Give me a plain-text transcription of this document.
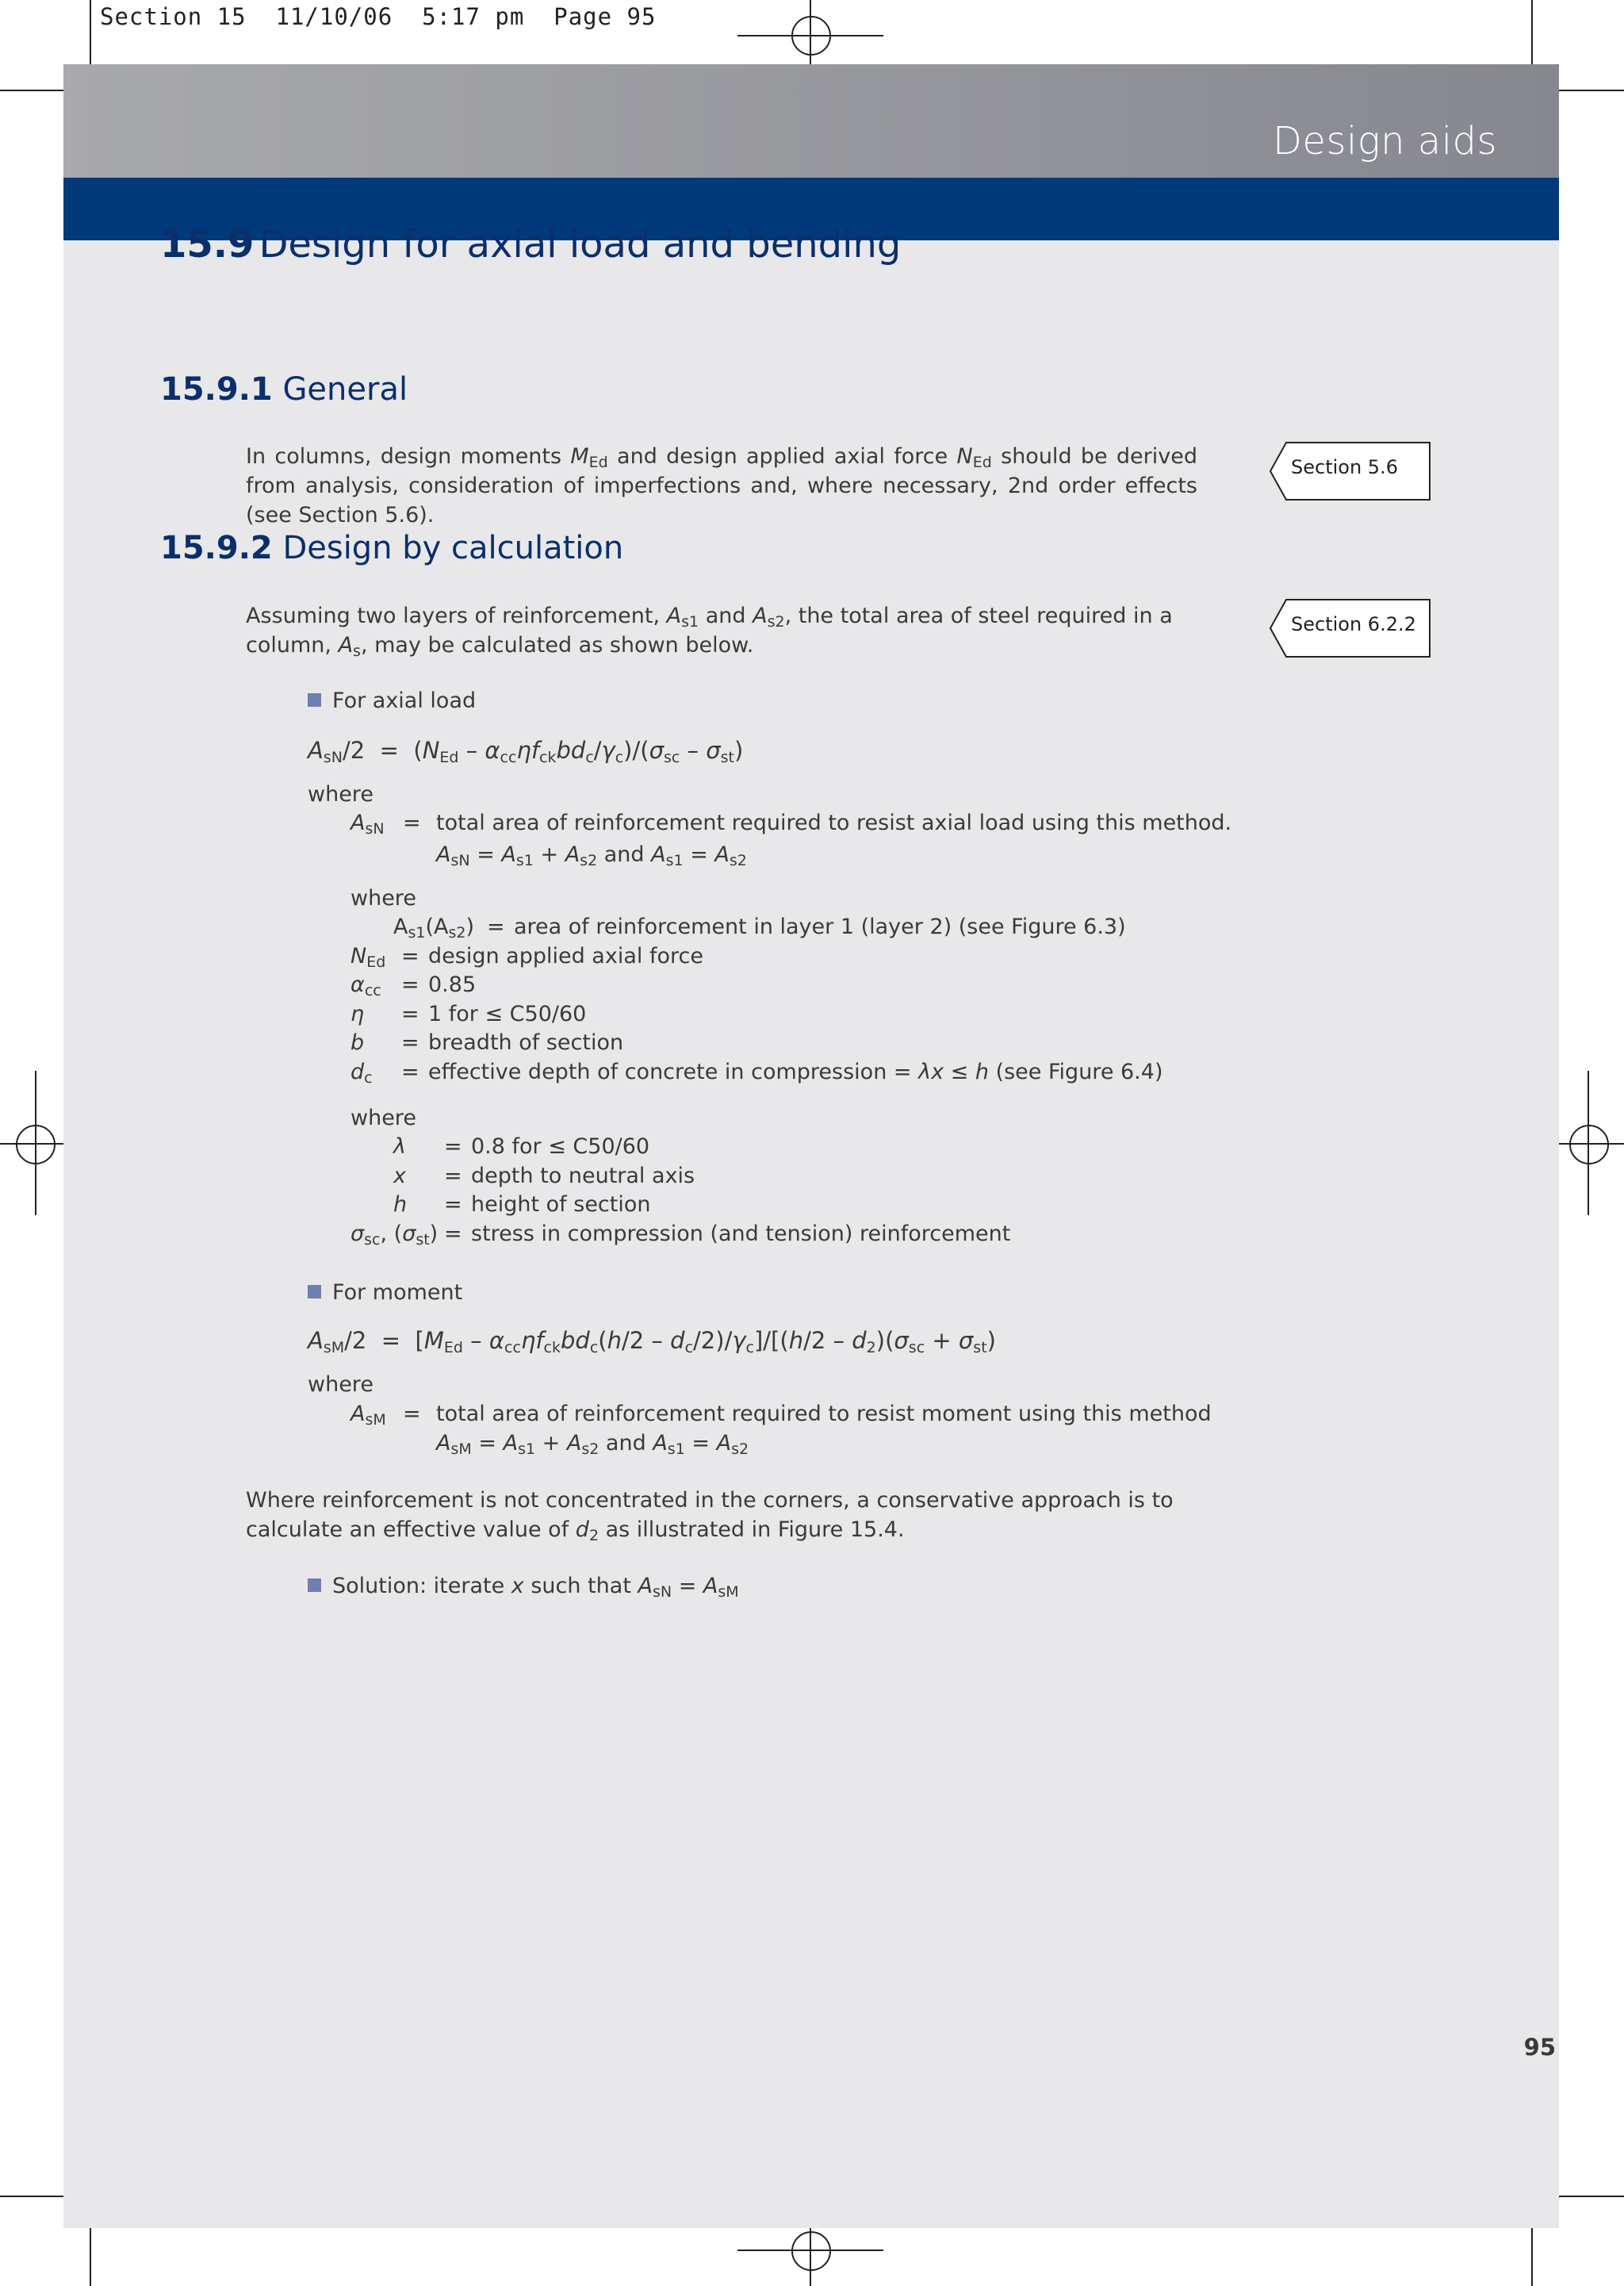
Section 15  11/10/06  5:17 pm  Page 95
Design aids
15.9 Design for axial load and bending
15.9.1 General
15.9.2 Design by calculation
Section 5.6
Section 6.2.2
In columns, design moments $M_{Ed}$ and design applied axial force $N_{Ed}$ should be derived from analysis, consideration of imperfections and, where necessary, 2nd order effects (see Section 5.6).
Assuming two layers of reinforcement, $A_{s1}$ and $A_{s2}$, the total area of steel required in a column, $A_s$, may be calculated as shown below.
For axial load
$A_{sN}/2 = (N_{Ed} - \alpha_{cc}\eta f_{ck}bd_c/\gamma_c)/(\sigma_{sc} - \sigma_{st})$
where
$A_{sN}$ = total area of reinforcement required to resist axial load using this method.
$A_{sN} = A_{s1} + A_{s2}$ and $A_{s1} = A_{s2}$
where
$A_{s1}(A_{s2})$ = area of reinforcement in layer 1 (layer 2) (see Figure 6.3)
$N_{Ed}$ = design applied axial force
$\alpha_{cc} = 0.85$
η = 1 for ≤ C50/60
b = breadth of section
$d_c$ = effective depth of concrete in compression = λx ≤ h (see Figure 6.4)
where
λ = 0.8 for ≤ C50/60
x = depth to neutral axis
h = height of section
$\sigma_{sc}$, $(\sigma_{st})$ = stress in compression (and tension) reinforcement
For moment
$A_{sM}/2 = [M_{Ed} - \alpha_{cc}\eta f_{ck}bd_c(h/2 - d_c/2)/\gamma_c]/[(h/2 - d_2)(\sigma_{sc} + \sigma_{st})$
where
$A_{sM}$ = total area of reinforcement required to resist moment using this method
$A_{sM} = A_{s1} + A_{s2}$ and $A_{s1} = A_{s2}$
Where reinforcement is not concentrated in the corners, a conservative approach is to calculate an effective value of $d_2$ as illustrated in Figure 15.4.
Solution: iterate x such that $A_{sN} = A_{sM}$
95
